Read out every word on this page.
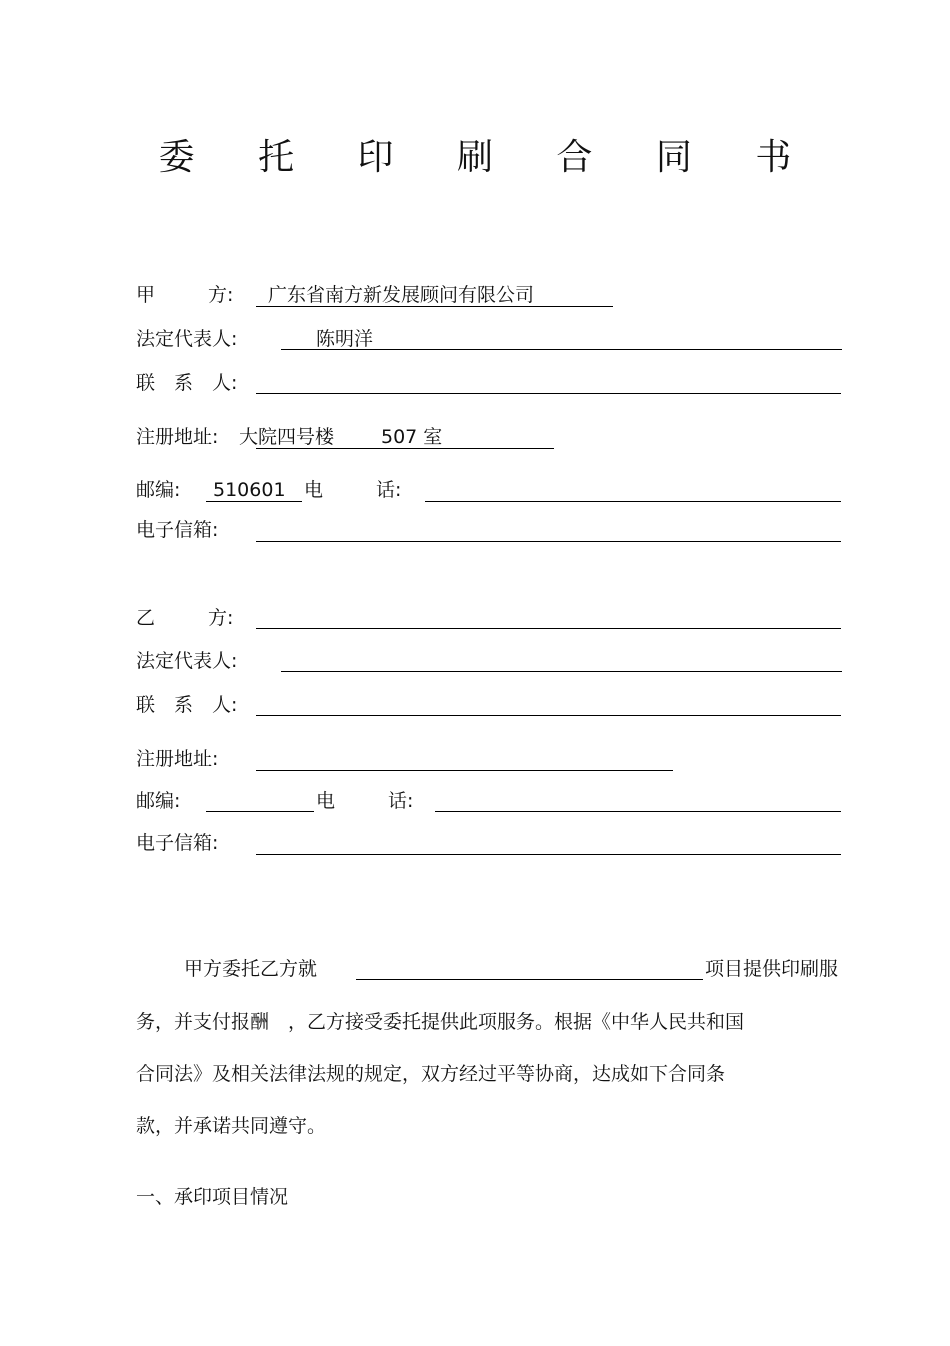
委 托 印 刷 合 同 书
甲	方: 广东省南方新发展顾问有限公司
法定代表人:	陈明洋
联　系　人:
注册地址: 大院四号楼 507 室
邮编: 510601 电	话:
电子信箱:
乙	方:
法定代表人:
联　系　人:
注册地址:
邮编:	电	话:
电子信箱:
甲方委托乙方就	项目提供印刷服
务，并支付报酬　，乙方接受委托提供此项服务。根据《中华人民共和国
合同法》及相关法律法规的规定，双方经过平等协商，达成如下合同条
款，并承诺共同遵守。
一、承印项目情况
